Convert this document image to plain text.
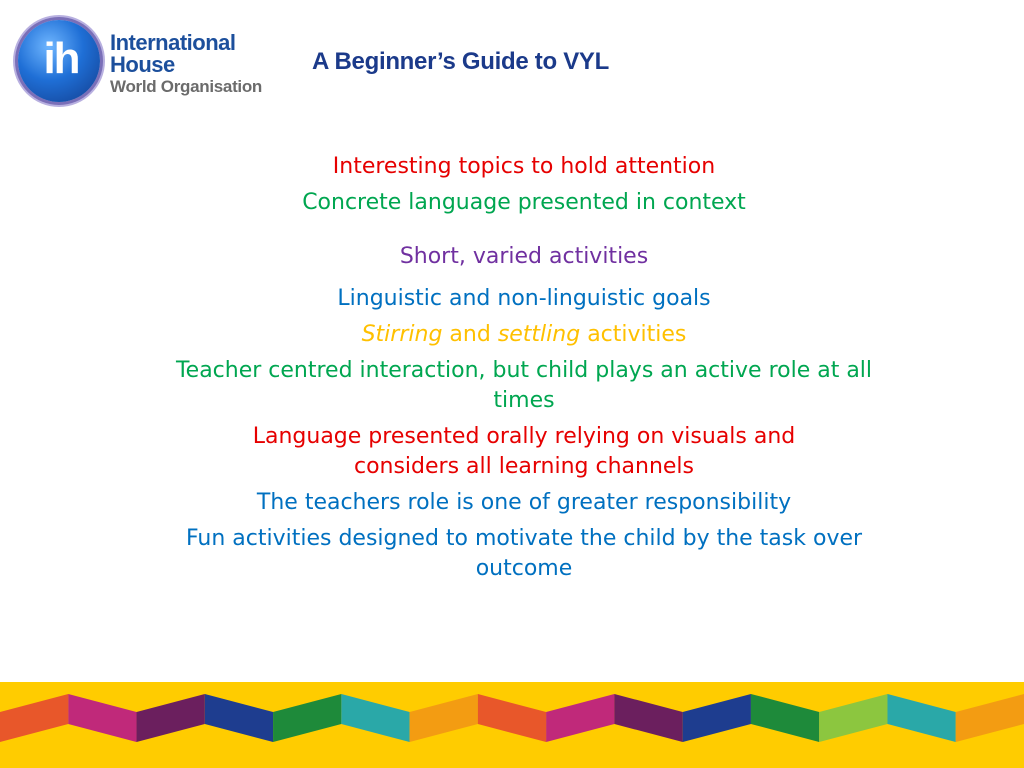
ih	International
House
World Organisation
A Beginner’s Guide to VYL
Interesting topics to hold attention
Concrete language presented in context
Short, varied activities
Linguistic and non-linguistic goals
Stirring and settling activities
Teacher centred interaction, but child plays an active role at all times
Language presented orally relying on visuals and considers all learning channels
The teachers role is one of greater responsibility
Fun activities designed to motivate the child by the task over outcome
